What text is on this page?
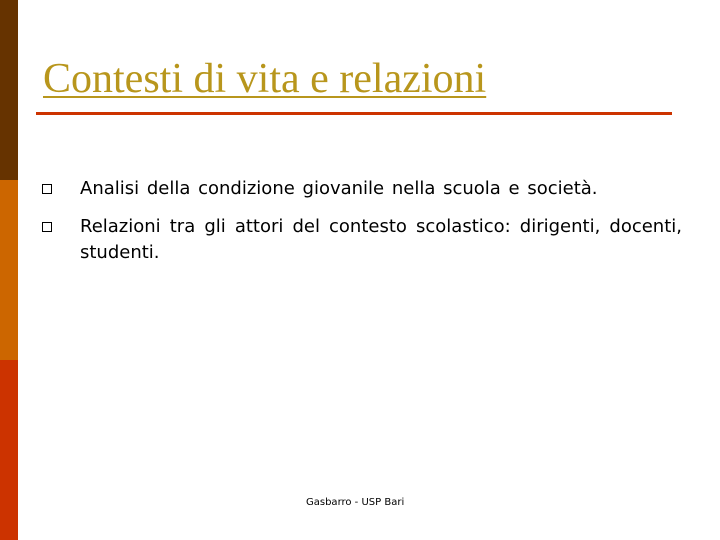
Contesti di vita e relazioni
Analisi della condizione giovanile nella scuola e società.
Relazioni tra gli attori del contesto scolastico: dirigenti, docenti, studenti.
Gasbarro - USP Bari
